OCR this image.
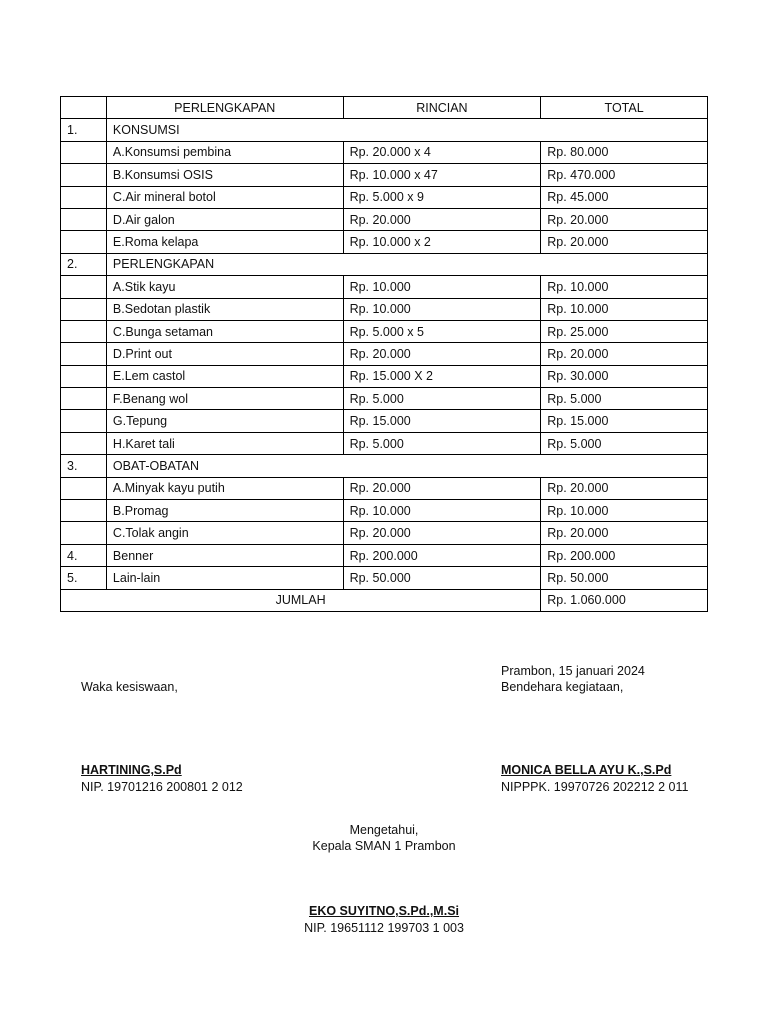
	PERLENGKAPAN	RINCIAN	TOTAL
1.	KONSUMSI		
	A.Konsumsi pembina	Rp. 20.000 x 4	Rp. 80.000
	B.Konsumsi OSIS	Rp. 10.000 x 47	Rp. 470.000
	C.Air mineral botol	Rp. 5.000 x 9	Rp. 45.000
	D.Air galon	Rp. 20.000	Rp. 20.000
	E.Roma kelapa	Rp. 10.000 x 2	Rp. 20.000
2.	PERLENGKAPAN		
	A.Stik kayu	Rp. 10.000	Rp. 10.000
	B.Sedotan plastik	Rp. 10.000	Rp. 10.000
	C.Bunga setaman	Rp. 5.000 x 5	Rp. 25.000
	D.Print out	Rp. 20.000	Rp. 20.000
	E.Lem castol	Rp. 15.000 X 2	Rp. 30.000
	F.Benang wol	Rp. 5.000	Rp. 5.000
	G.Tepung	Rp. 15.000	Rp. 15.000
	H.Karet tali	Rp. 5.000	Rp. 5.000
3.	OBAT-OBATAN		
	A.Minyak kayu putih	Rp. 20.000	Rp. 20.000
	B.Promag	Rp. 10.000	Rp. 10.000
	C.Tolak angin	Rp. 20.000	Rp. 20.000
4.	Benner	Rp. 200.000	Rp. 200.000
5.	Lain-lain	Rp. 50.000	Rp. 50.000
JUMLAH			Rp. 1.060.000
Prambon, 15 januari 2024
Waka kesiswaan,	Bendehara kegiataan,
HARTINING,S.Pd
NIP. 19701216 200801 2 012
MONICA BELLA AYU K.,S.Pd
NIPPPK. 19970726 202212 2 011
Mengetahui,
Kepala SMAN 1 Prambon
EKO SUYITNO,S.Pd.,M.Si
NIP. 19651112 199703 1 003
